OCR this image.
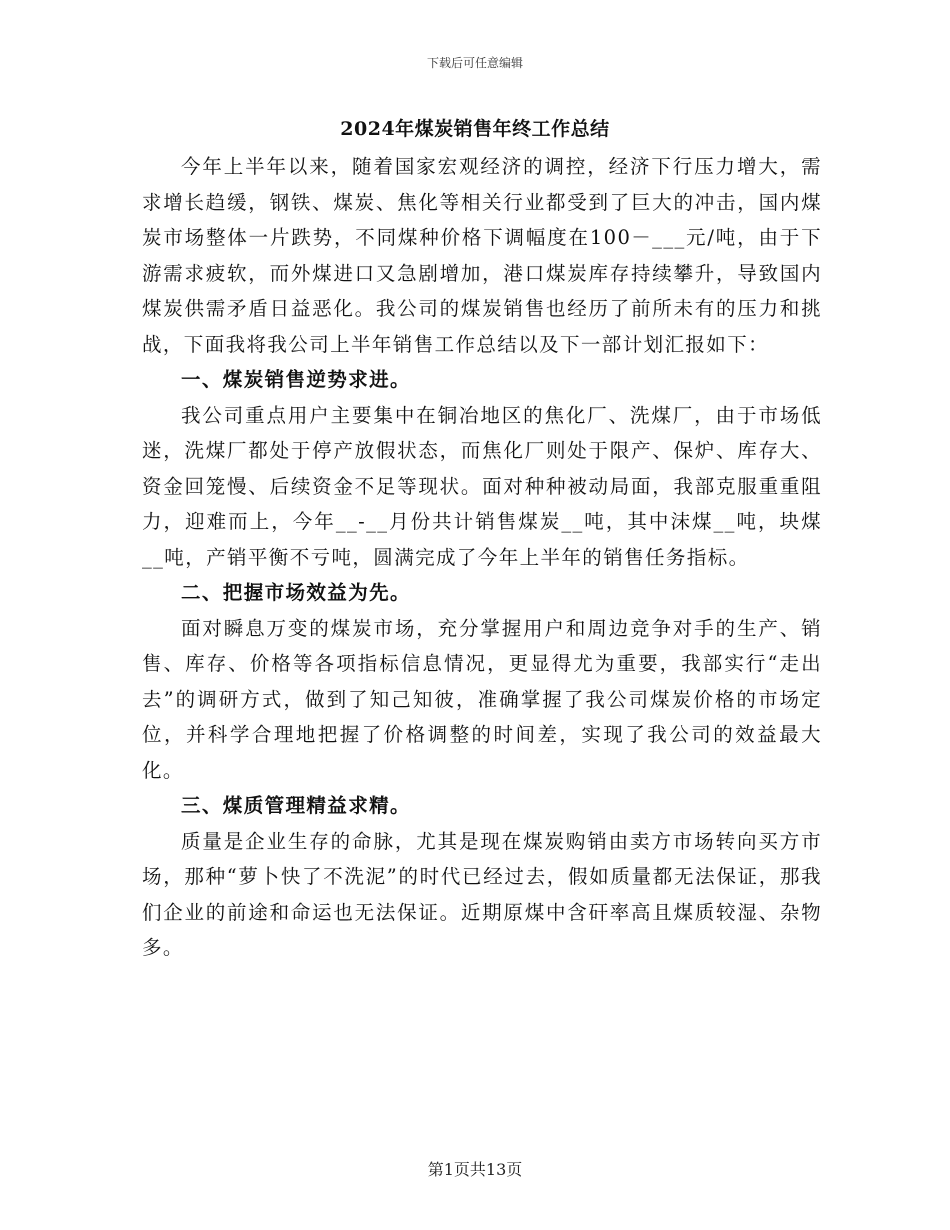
下载后可任意编辑
2024年煤炭销售年终工作总结

今年上半年以来，随着国家宏观经济的调控，经济下行压力增大，需求增长趋缓，钢铁、煤炭、焦化等相关行业都受到了巨大的冲击，国内煤炭市场整体一片跌势，不同煤种价格下调幅度在100－___元/吨，由于下游需求疲软，而外煤进口又急剧增加，港口煤炭库存持续攀升，导致国内煤炭供需矛盾日益恶化。我公司的煤炭销售也经历了前所未有的压力和挑战，下面我将我公司上半年销售工作总结以及下一部计划汇报如下：

一、煤炭销售逆势求进。

我公司重点用户主要集中在铜冶地区的焦化厂、洗煤厂，由于市场低迷，洗煤厂都处于停产放假状态，而焦化厂则处于限产、保炉、库存大、资金回笼慢、后续资金不足等现状。面对种种被动局面，我部克服重重阻力，迎难而上，今年__-__月份共计销售煤炭__吨，其中沫煤__吨，块煤__吨，产销平衡不亏吨，圆满完成了今年上半年的销售任务指标。

二、把握市场效益为先。

面对瞬息万变的煤炭市场，充分掌握用户和周边竞争对手的生产、销售、库存、价格等各项指标信息情况，更显得尤为重要，我部实行“走出去”的调研方式，做到了知己知彼，准确掌握了我公司煤炭价格的市场定位，并科学合理地把握了价格调整的时间差，实现了我公司的效益最大化。

三、煤质管理精益求精。

质量是企业生存的命脉，尤其是现在煤炭购销由卖方市场转向买方市场，那种“萝卜快了不洗泥”的时代已经过去，假如质量都无法保证，那我们企业的前途和命运也无法保证。近期原煤中含矸率高且煤质较湿、杂物多。

第1页共13页
